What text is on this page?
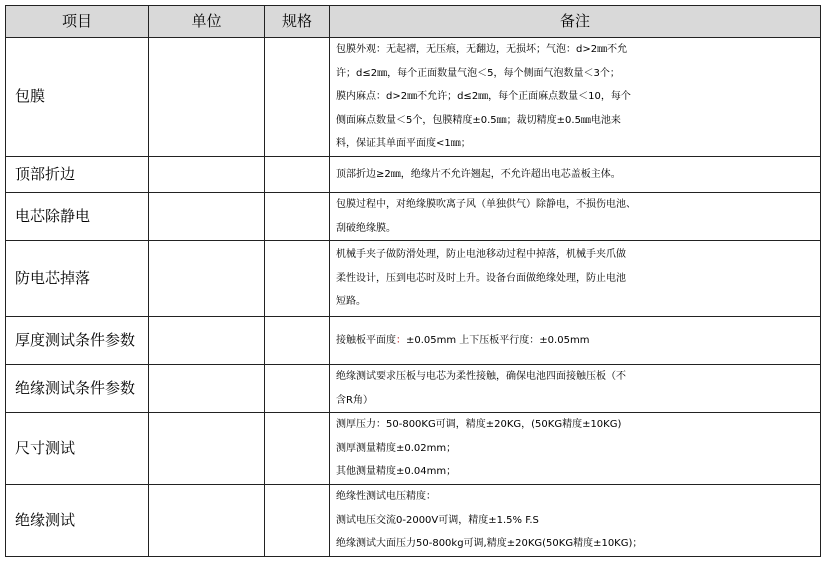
项目	单位	规格	备注
包膜			包膜外观：无起褶，无压痕，无翻边，无损坏；气泡：d>2㎜不允
许；d≤2㎜，每个正面数量气泡＜5，每个侧面气泡数量＜3个；
膜内麻点：d>2㎜不允许；d≤2㎜，每个正面麻点数量＜10，每个
侧面麻点数量＜5个，包膜精度±0.5㎜；裁切精度±0.5㎜电池来
料，保证其单面平面度<1㎜；

顶部折边			顶部折边≥2㎜，绝缘片不允许翘起，不允许超出电芯盖板主体。

电芯除静电			包膜过程中，对绝缘膜吹离子风（单独供气）除静电，不损伤电池、
刮破绝缘膜。

防电芯掉落			机械手夹子做防滑处理，防止电池移动过程中掉落，机械手夹爪做
柔性设计，压到电芯时及时上升。设备台面做绝缘处理，防止电池
短路。

厚度测试条件参数			接触板平面度：±0.05mm 上下压板平行度：±0.05mm

绝缘测试条件参数			绝缘测试要求压板与电芯为柔性接触，确保电池四面接触压板（不
含R角）

尺寸测试			测厚压力：50-800KG可调，精度±20KG，(50KG精度±10KG)
测厚测量精度±0.02mm；
其他测量精度±0.04mm；

绝缘测试			绝缘性测试电压精度：
测试电压交流0-2000V可调，精度±1.5% F.S
绝缘测试大面压力50-800kg可调,精度±20KG(50KG精度±10KG)；
